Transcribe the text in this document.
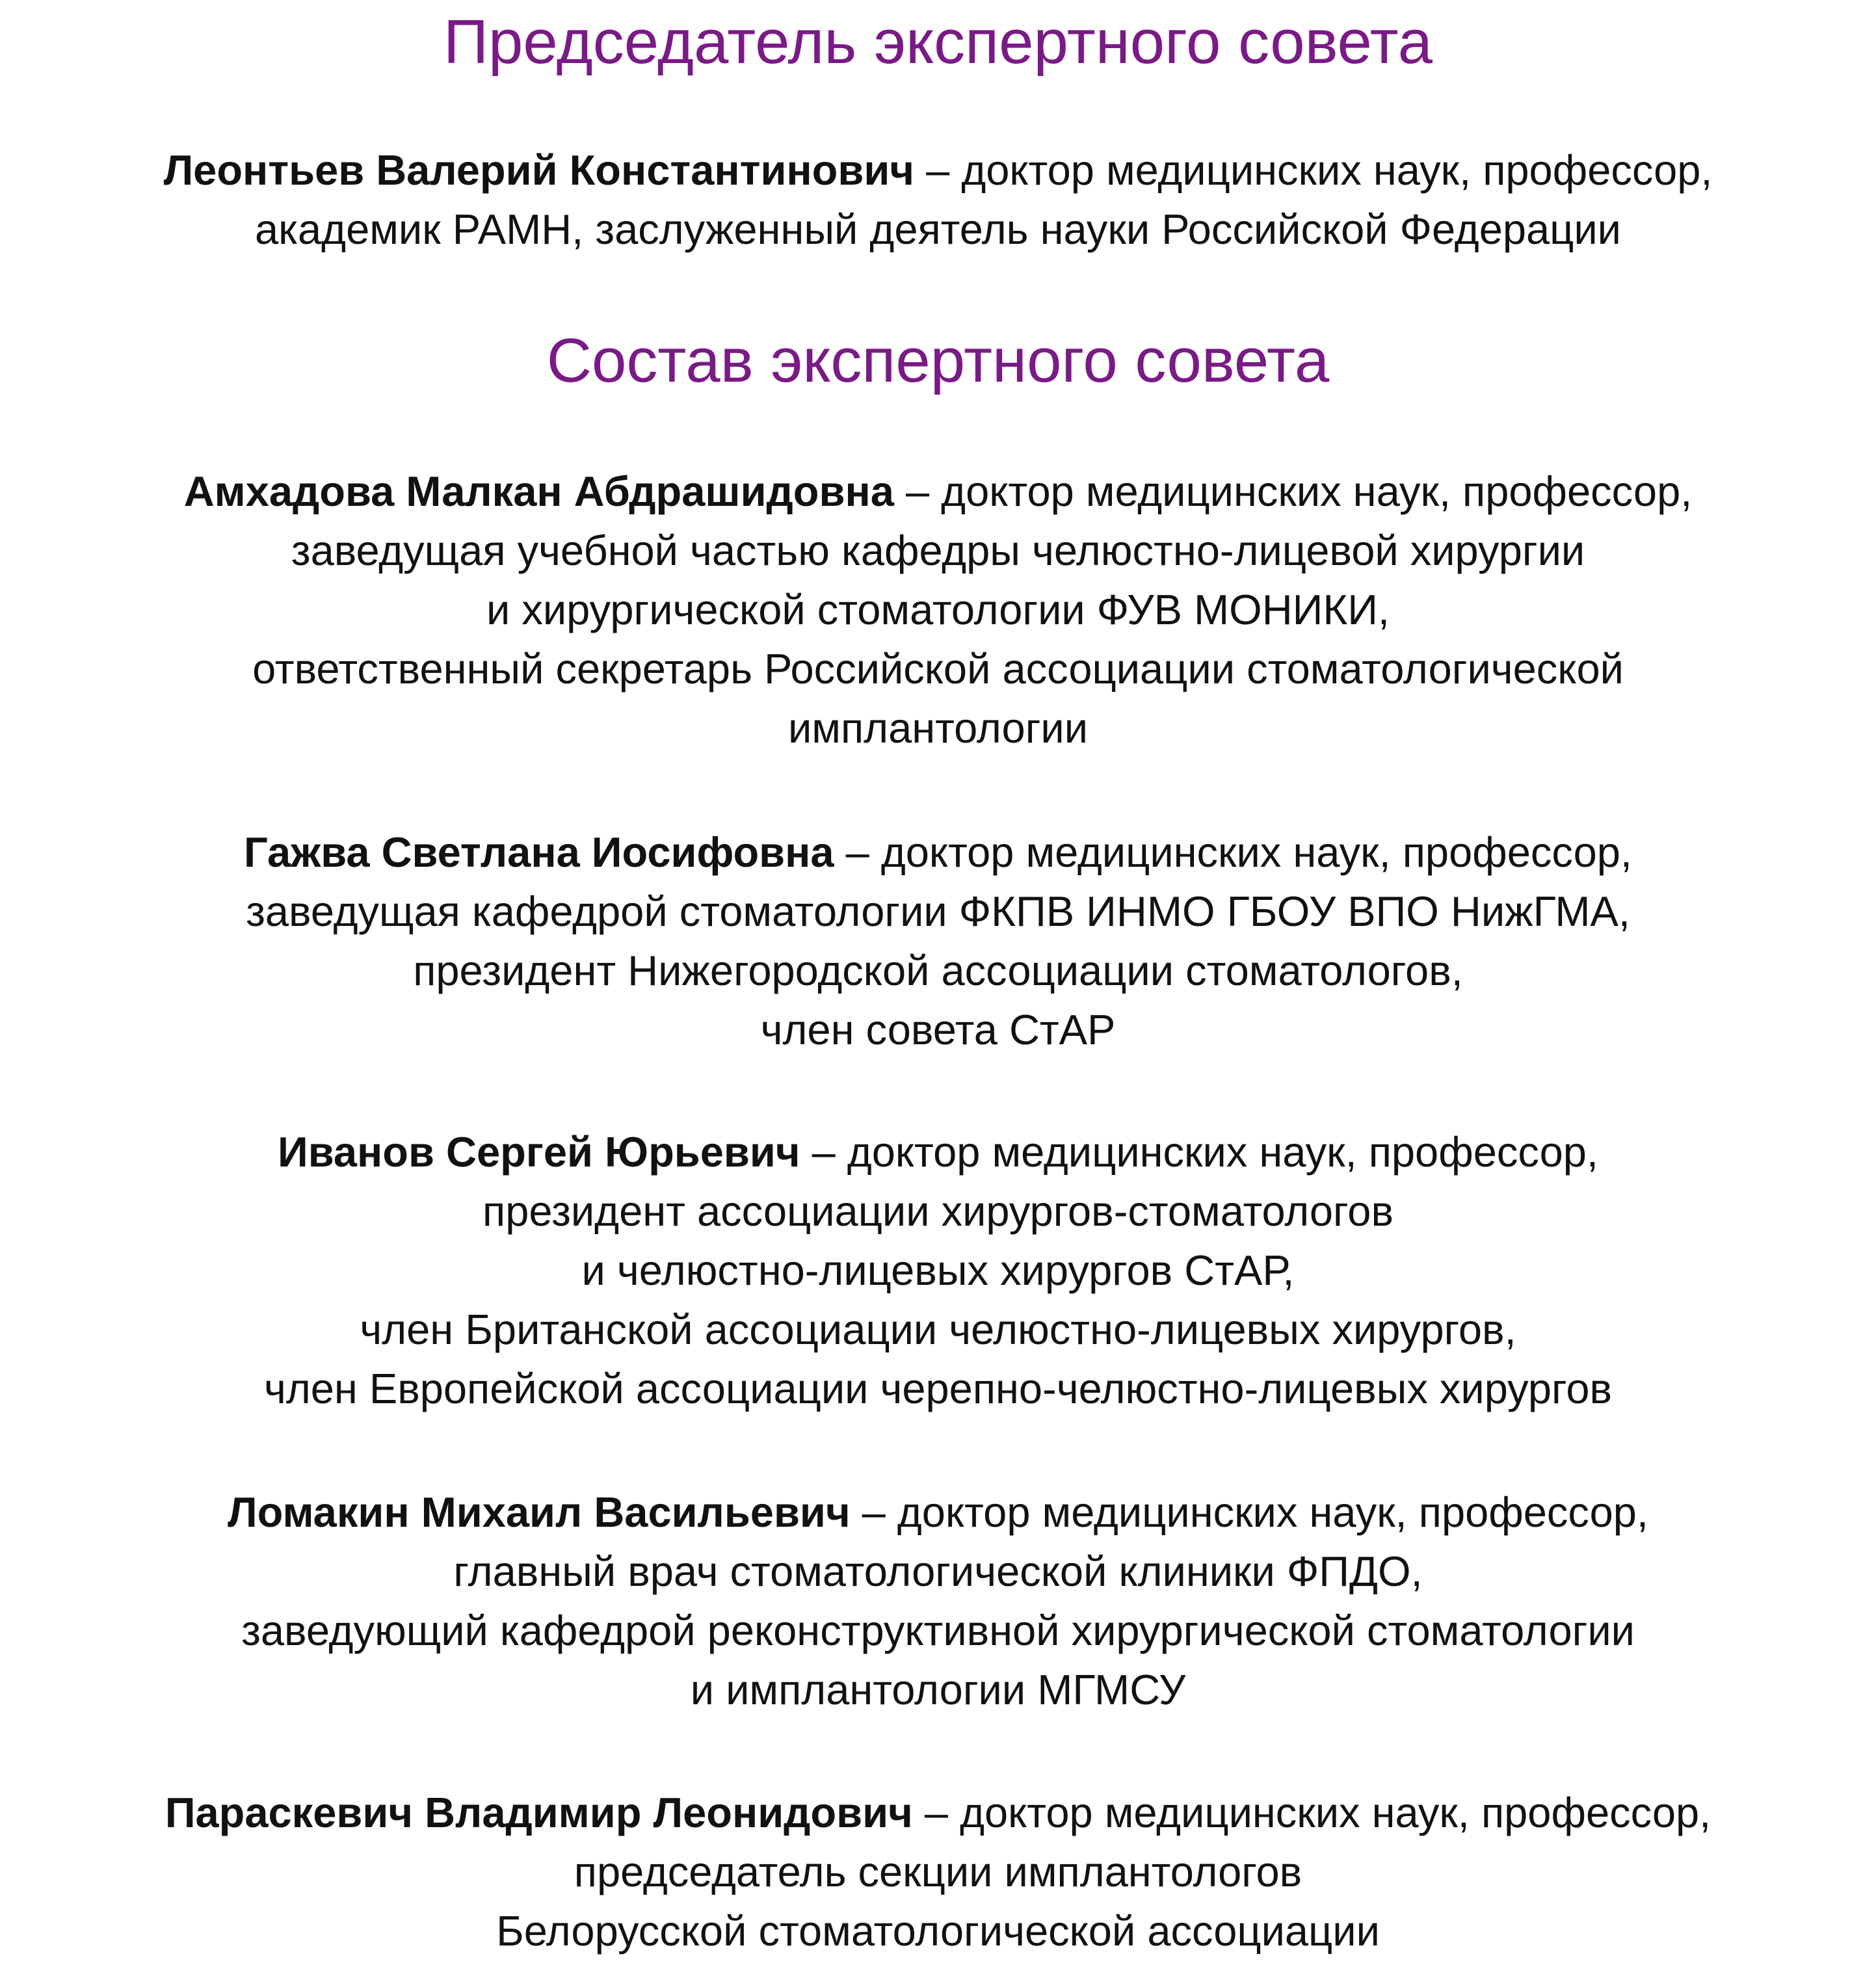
Председатель экспертного совета
Леонтьев Валерий Константинович – доктор медицинских наук, профессор,
академик РАМН, заслуженный деятель науки Российской Федерации
Состав экспертного совета
Амхадова Малкан Абдрашидовна – доктор медицинских наук, профессор,
заведущая учебной частью кафедры челюстно-лицевой хирургии
и хирургической стоматологии ФУВ МОНИКИ,
ответственный секретарь Российской ассоциации стоматологической
имплантологии
Гажва Светлана Иосифовна – доктор медицинских наук, профессор,
заведущая кафедрой стоматологии ФКПВ ИНМО ГБОУ ВПО НижГМА,
президент Нижегородской ассоциации стоматологов,
член совета СтАР
Иванов Сергей Юрьевич – доктор медицинских наук, профессор,
президент ассоциации хирургов-стоматологов
и челюстно-лицевых хирургов СтАР,
член Британской ассоциации челюстно-лицевых хирургов,
член Европейской ассоциации черепно-челюстно-лицевых хирургов
Ломакин Михаил Васильевич – доктор медицинских наук, профессор,
главный врач стоматологической клиники ФПДО,
заведующий кафедрой реконструктивной хирургической стоматологии
и имплантологии МГМСУ
Параскевич Владимир Леонидович – доктор медицинских наук, профессор,
председатель секции имплантологов
Белорусской стоматологической ассоциации
